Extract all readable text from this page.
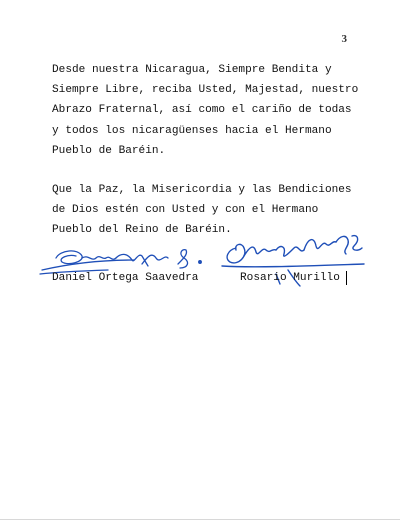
3
Desde nuestra Nicaragua, Siempre Bendita y
Siempre Libre, reciba Usted, Majestad, nuestro
Abrazo Fraternal, así como el cariño de todas
y todos los nicaragüenses hacia el Hermano
Pueblo de Baréin.
Que la Paz, la Misericordia y las Bendiciones
de Dios estén con Usted y con el Hermano
Pueblo del Reino de Baréin.
Daniel Ortega Saavedra	Rosario Murillo
